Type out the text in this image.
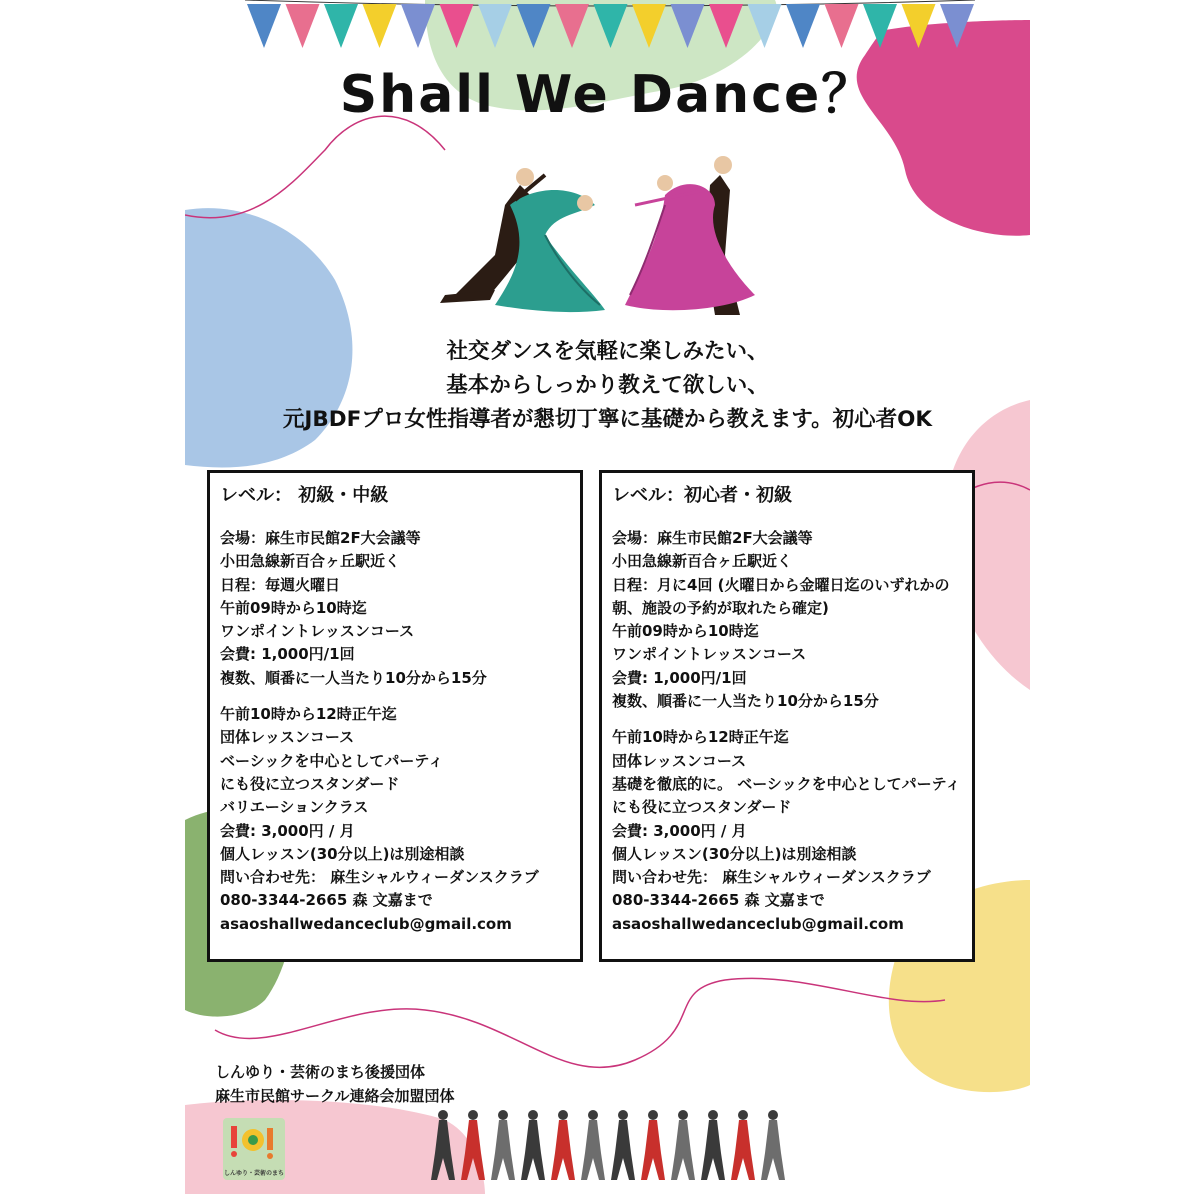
Shall We Dance？
社交ダンスを気軽に楽しみたい、
基本からしっかり教えて欲しい、
元JBDFプロ女性指導者が懇切丁寧に基礎から教えます。初心者OK
レベル： 初級・中級
会場：麻生市民館2F大会議等
小田急線新百合ヶ丘駅近く
日程：毎週火曜日
午前09時から10時迄
ワンポイントレッスンコース
会費: 1,000円/1回
複数、順番に一人当たり10分から15分
午前10時から12時正午迄
団体レッスンコース
ベーシックを中心としてパーティ
にも役に立つスタンダード
バリエーションクラス
会費: 3,000円 / 月
個人レッスン(30分以上)は別途相談
問い合わせ先： 麻生シャルウィーダンスクラブ
080-3344-2665 森 文嘉まで
asaoshallwedanceclub@gmail.com
レベル：初心者・初級
会場：麻生市民館2F大会議等
小田急線新百合ヶ丘駅近く
日程：月に4回 (火曜日から金曜日迄のいずれかの
朝、施設の予約が取れたら確定)
午前09時から10時迄
ワンポイントレッスンコース
会費: 1,000円/1回
複数、順番に一人当たり10分から15分
午前10時から12時正午迄
団体レッスンコース
基礎を徹底的に。 ベーシックを中心としてパーティ
にも役に立つスタンダード
会費: 3,000円 / 月
個人レッスン(30分以上)は別途相談
問い合わせ先： 麻生シャルウィーダンスクラブ
080-3344-2665 森 文嘉まで
asaoshallwedanceclub@gmail.com
しんゆり・芸術のまち後援団体
麻生市民館サークル連絡会加盟団体
しんゆり・芸術のまち
